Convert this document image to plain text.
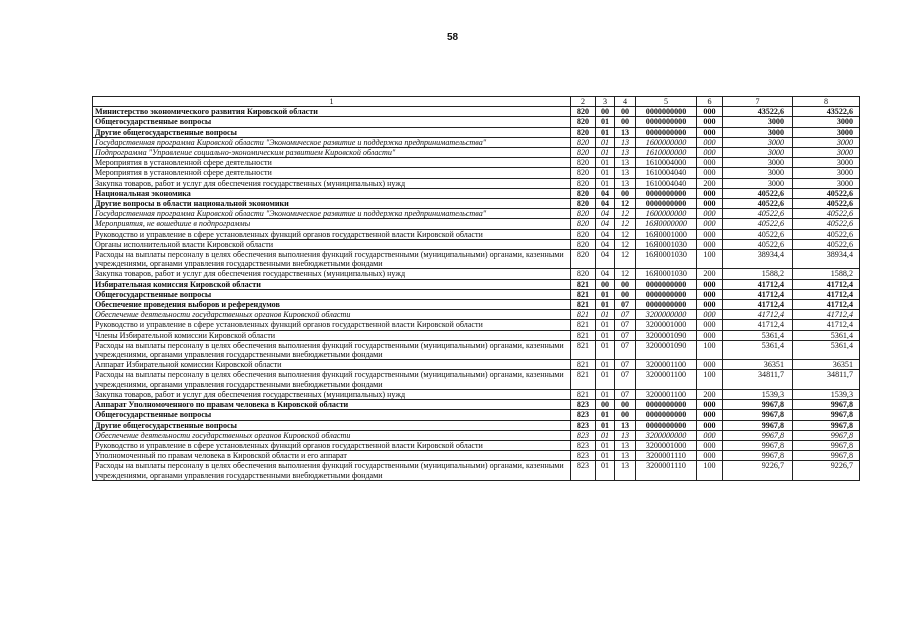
58
1	2	3	4	5	6	7	8
Министерство экономического развития Кировской области	820	00	00	0000000000	000	43522,6	43522,6
Общегосударственные вопросы	820	01	00	0000000000	000	3000	3000
Другие общегосударственные вопросы	820	01	13	0000000000	000	3000	3000
Государственная программа Кировской области "Экономическое развитие и поддержка предпринимательства"	820	01	13	1600000000	000	3000	3000
Подпрограмма "Управление социально-экономическим развитием Кировской области"	820	01	13	1610000000	000	3000	3000
Мероприятия в установленной сфере деятельности	820	01	13	1610004000	000	3000	3000
Мероприятия в установленной сфере деятельности	820	01	13	1610004040	000	3000	3000
Закупка товаров, работ и услуг для обеспечения государственных (муниципальных) нужд	820	01	13	1610004040	200	3000	3000
Национальная экономика	820	04	00	0000000000	000	40522,6	40522,6
Другие вопросы в области национальной экономики	820	04	12	0000000000	000	40522,6	40522,6
Государственная программа Кировской области "Экономическое развитие и поддержка предпринимательства"	820	04	12	1600000000	000	40522,6	40522,6
Мероприятия, не вошедшие в подпрограммы	820	04	12	16Я0000000	000	40522,6	40522,6
Руководство и управление в сфере установленных функций органов государственной власти Кировской области	820	04	12	16Я0001000	000	40522,6	40522,6
Органы исполнительной власти Кировской области	820	04	12	16Я0001030	000	40522,6	40522,6
Расходы на выплаты персоналу в целях обеспечения выполнения функций государственными (муниципальными) органами, казенными учреждениями, органами управления государственными внебюджетными фондами	820	04	12	16Я0001030	100	38934,4	38934,4
Закупка товаров, работ и услуг для обеспечения государственных (муниципальных) нужд	820	04	12	16Я0001030	200	1588,2	1588,2
Избирательная комиссия Кировской области	821	00	00	0000000000	000	41712,4	41712,4
Общегосударственные вопросы	821	01	00	0000000000	000	41712,4	41712,4
Обеспечение проведения выборов и референдумов	821	01	07	0000000000	000	41712,4	41712,4
Обеспечение деятельности государственных органов Кировской области	821	01	07	3200000000	000	41712,4	41712,4
Руководство и управление в сфере установленных функций органов государственной власти Кировской области	821	01	07	3200001000	000	41712,4	41712,4
Члены Избирательной комиссии Кировской области	821	01	07	3200001090	000	5361,4	5361,4
Расходы на выплаты персоналу в целях обеспечения выполнения функций государственными (муниципальными) органами, казенными учреждениями, органами управления государственными внебюджетными фондами	821	01	07	3200001090	100	5361,4	5361,4
Аппарат Избирательной комиссии Кировской области	821	01	07	3200001100	000	36351	36351
Расходы на выплаты персоналу в целях обеспечения выполнения функций государственными (муниципальными) органами, казенными учреждениями, органами управления государственными внебюджетными фондами	821	01	07	3200001100	100	34811,7	34811,7
Закупка товаров, работ и услуг для обеспечения государственных (муниципальных) нужд	821	01	07	3200001100	200	1539,3	1539,3
Аппарат Уполномоченного по правам человека в Кировской области	823	00	00	0000000000	000	9967,8	9967,8
Общегосударственные вопросы	823	01	00	0000000000	000	9967,8	9967,8
Другие общегосударственные вопросы	823	01	13	0000000000	000	9967,8	9967,8
Обеспечение деятельности государственных органов Кировской области	823	01	13	3200000000	000	9967,8	9967,8
Руководство и управление в сфере установленных функций органов государственной власти Кировской области	823	01	13	3200001000	000	9967,8	9967,8
Уполномоченный по правам человека в Кировской области и его аппарат	823	01	13	3200001110	000	9967,8	9967,8
Расходы на выплаты персоналу в целях обеспечения выполнения функций государственными (муниципальными) органами, казенными учреждениями, органами управления государственными внебюджетными фондами	823	01	13	3200001110	100	9226,7	9226,7
